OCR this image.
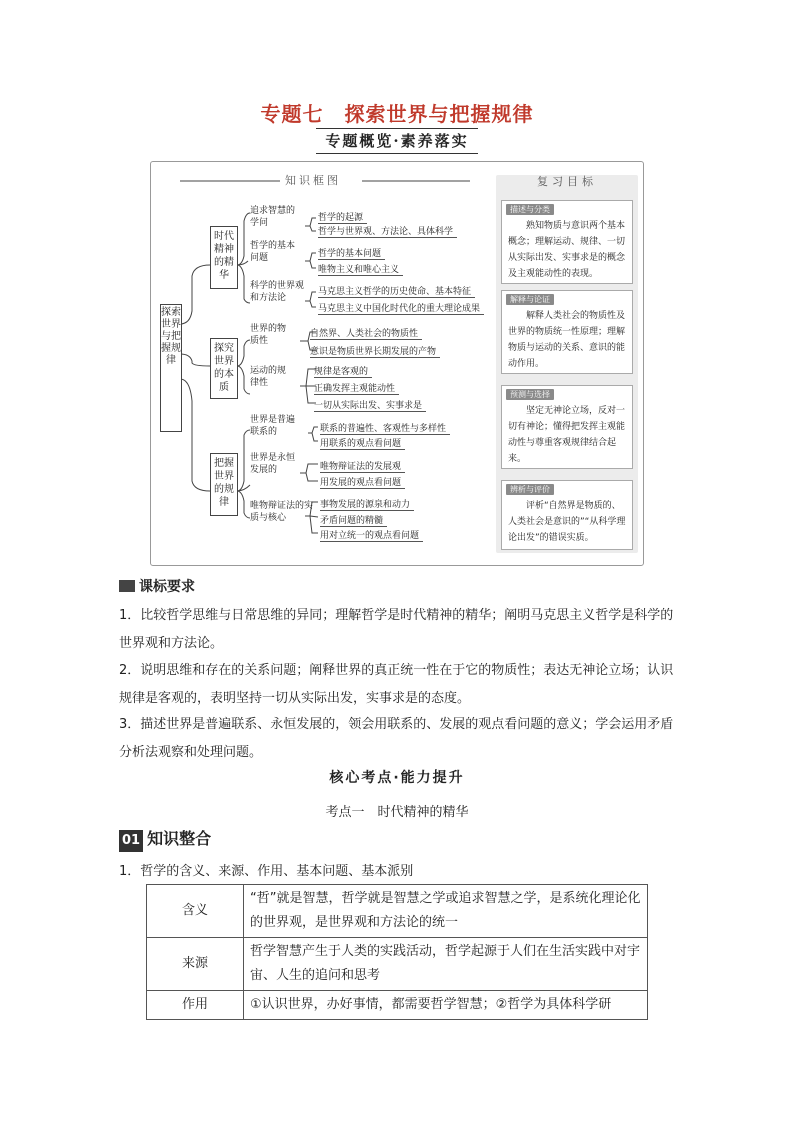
专题七　探索世界与把握规律
专题概览·素养落实
知识框图
探索世界与把握规律
时代精神的精华
探究世界的本质
把握世界的规律
追求智慧的学问
哲学的基本问题
科学的世界观和方法论
世界的物质性
运动的规律性
世界是普遍联系的
世界是永恒发展的
唯物辩证法的实质与核心
哲学的起源
哲学与世界观、方法论、具体科学
哲学的基本问题
唯物主义和唯心主义
马克思主义哲学的历史使命、基本特征
马克思主义中国化时代化的重大理论成果
自然界、人类社会的物质性
意识是物质世界长期发展的产物
规律是客观的
正确发挥主观能动性
一切从实际出发、实事求是
联系的普遍性、客观性与多样性
用联系的观点看问题
唯物辩证法的发展观
用发展的观点看问题
事物发展的源泉和动力
矛盾问题的精髓
用对立统一的观点看问题
复习目标
描述与分类
熟知物质与意识两个基本概念；理解运动、规律、一切从实际出发、实事求是的概念及主观能动性的表现。
解释与论证
解释人类社会的物质性及世界的物质统一性原理；理解物质与运动的关系、意识的能动作用。
预测与选择
坚定无神论立场，反对一切有神论；懂得把发挥主观能动性与尊重客观规律结合起来。
辨析与评价
评析“自然界是物质的、人类社会是意识的”“从科学理论出发”的错误实质。
课标要求
1．比较哲学思维与日常思维的异同；理解哲学是时代精神的精华；阐明马克思主义哲学是科学的世界观和方法论。
2．说明思维和存在的关系问题；阐释世界的真正统一性在于它的物质性；表达无神论立场；认识规律是客观的，表明坚持一切从实际出发，实事求是的态度。
3．描述世界是普遍联系、永恒发展的，领会用联系的、发展的观点看问题的意义；学会运用矛盾分析法观察和处理问题。
核心考点·能力提升
考点一　时代精神的精华
01 知识整合
1．哲学的含义、来源、作用、基本问题、基本派别
含义	“哲”就是智慧，哲学就是智慧之学或追求智慧之学，是系统化理论化的世界观，是世界观和方法论的统一
来源	哲学智慧产生于人类的实践活动，哲学起源于人们在生活实践中对宇宙、人生的追问和思考
作用	①认识世界，办好事情，都需要哲学智慧；②哲学为具体科学研
